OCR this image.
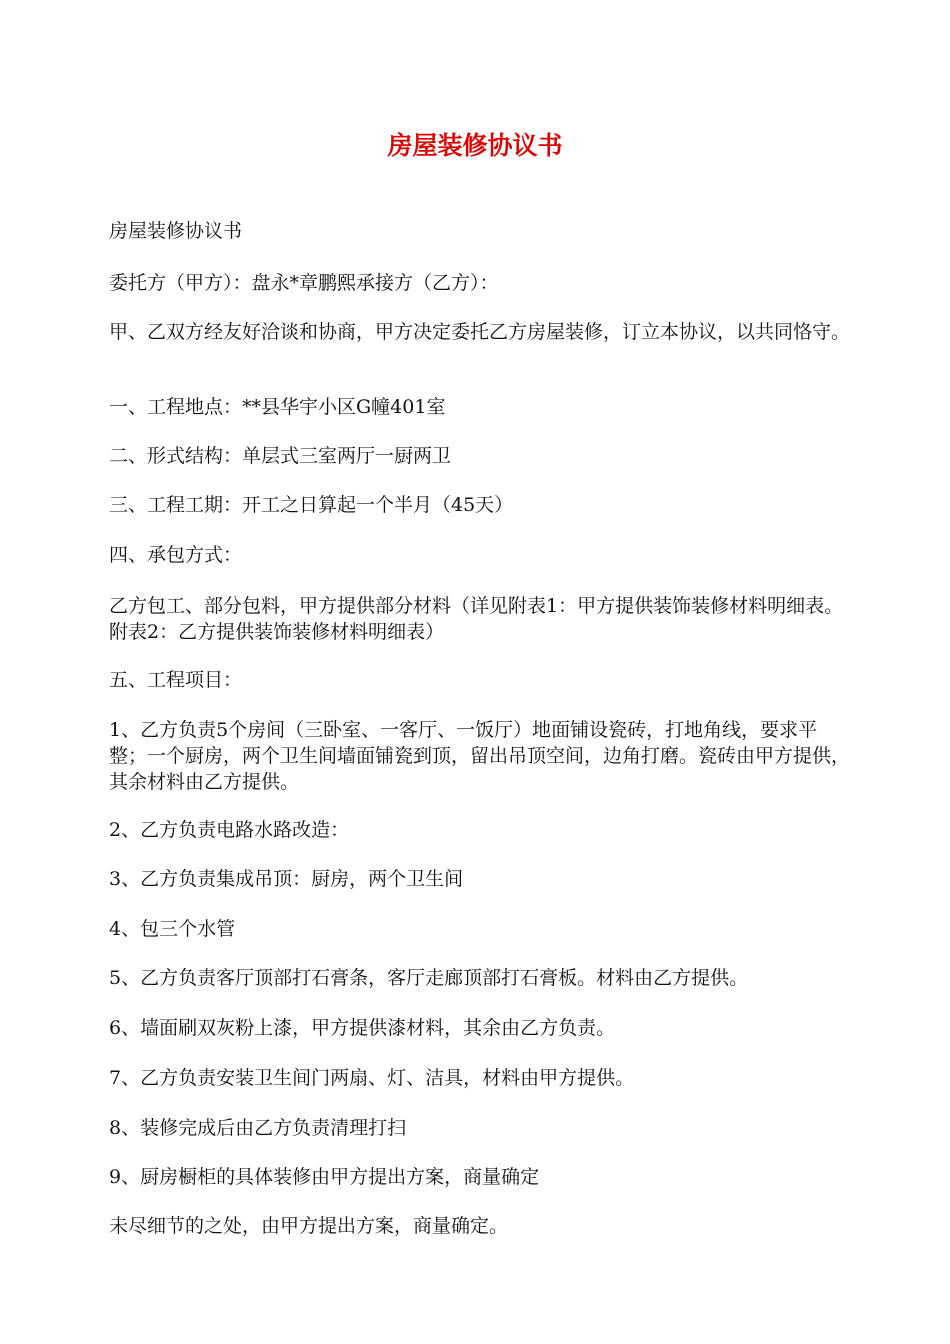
房屋装修协议书

房屋装修协议书

委托方（甲方）：盘永*章鹏熙承接方（乙方）：

甲、乙双方经友好洽谈和协商，甲方决定委托乙方房屋装修，订立本协议，以共同恪守。

一、工程地点：**县华宇小区G幢401室

二、形式结构：单层式三室两厅一厨两卫

三、工程工期：开工之日算起一个半月（45天）

四、承包方式：

乙方包工、部分包料，甲方提供部分材料（详见附表1：甲方提供装饰装修材料明细表。附表2：乙方提供装饰装修材料明细表）

五、工程项目：

1、乙方负责5个房间（三卧室、一客厅、一饭厅）地面铺设瓷砖，打地角线，要求平整；一个厨房，两个卫生间墙面铺瓷到顶，留出吊顶空间，边角打磨。瓷砖由甲方提供，其余材料由乙方提供。

2、乙方负责电路水路改造：

3、乙方负责集成吊顶：厨房，两个卫生间

4、包三个水管

5、乙方负责客厅顶部打石膏条，客厅走廊顶部打石膏板。材料由乙方提供。

6、墙面刷双灰粉上漆，甲方提供漆材料，其余由乙方负责。

7、乙方负责安装卫生间门两扇、灯、洁具，材料由甲方提供。

8、装修完成后由乙方负责清理打扫

9、厨房橱柜的具体装修由甲方提出方案，商量确定

未尽细节的之处，由甲方提出方案，商量确定。
